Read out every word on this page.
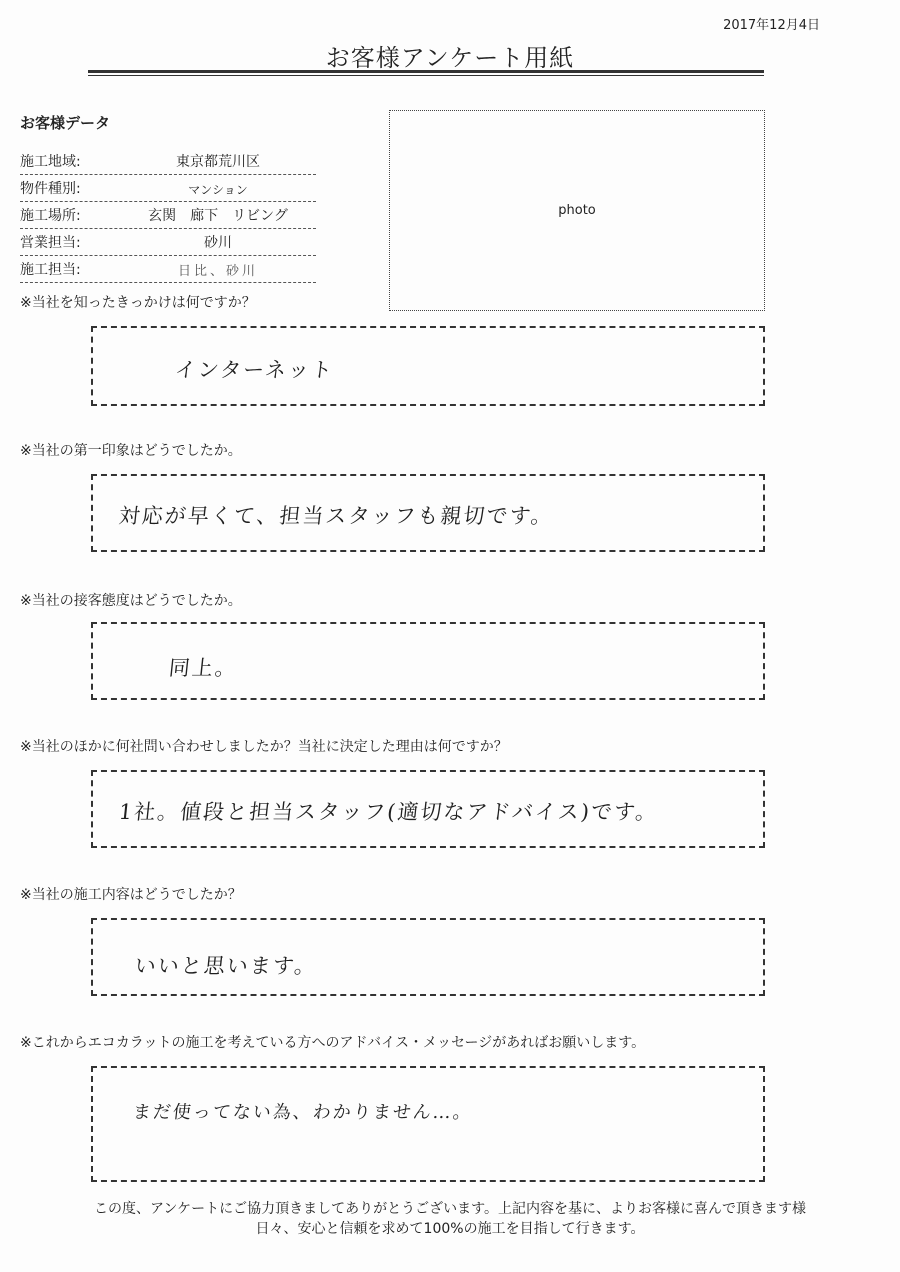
2017年12月4日
お客様アンケート用紙
お客様データ
施工地域:	東京都荒川区
物件種別:	マンション
施工場所:	玄関　廊下　リビング
営業担当:	砂川
施工担当:	日比、砂川
photo
※当社を知ったきっかけは何ですか？
インターネット
※当社の第一印象はどうでしたか。
対応が早くて、担当スタッフも親切です。
※当社の接客態度はどうでしたか。
同上。
※当社のほかに何社問い合わせしましたか？当社に決定した理由は何ですか？
1社。値段と担当スタッフ(適切なアドバイス)です。
※当社の施工内容はどうでしたか？
いいと思います。
※これからエコカラットの施工を考えている方へのアドバイス・メッセージがあればお願いします。
まだ使ってない為、わかりません…。
この度、アンケートにご協力頂きましてありがとうございます。上記内容を基に、よりお客様に喜んで頂きます様
日々、安心と信頼を求めて100%の施工を目指して行きます。
